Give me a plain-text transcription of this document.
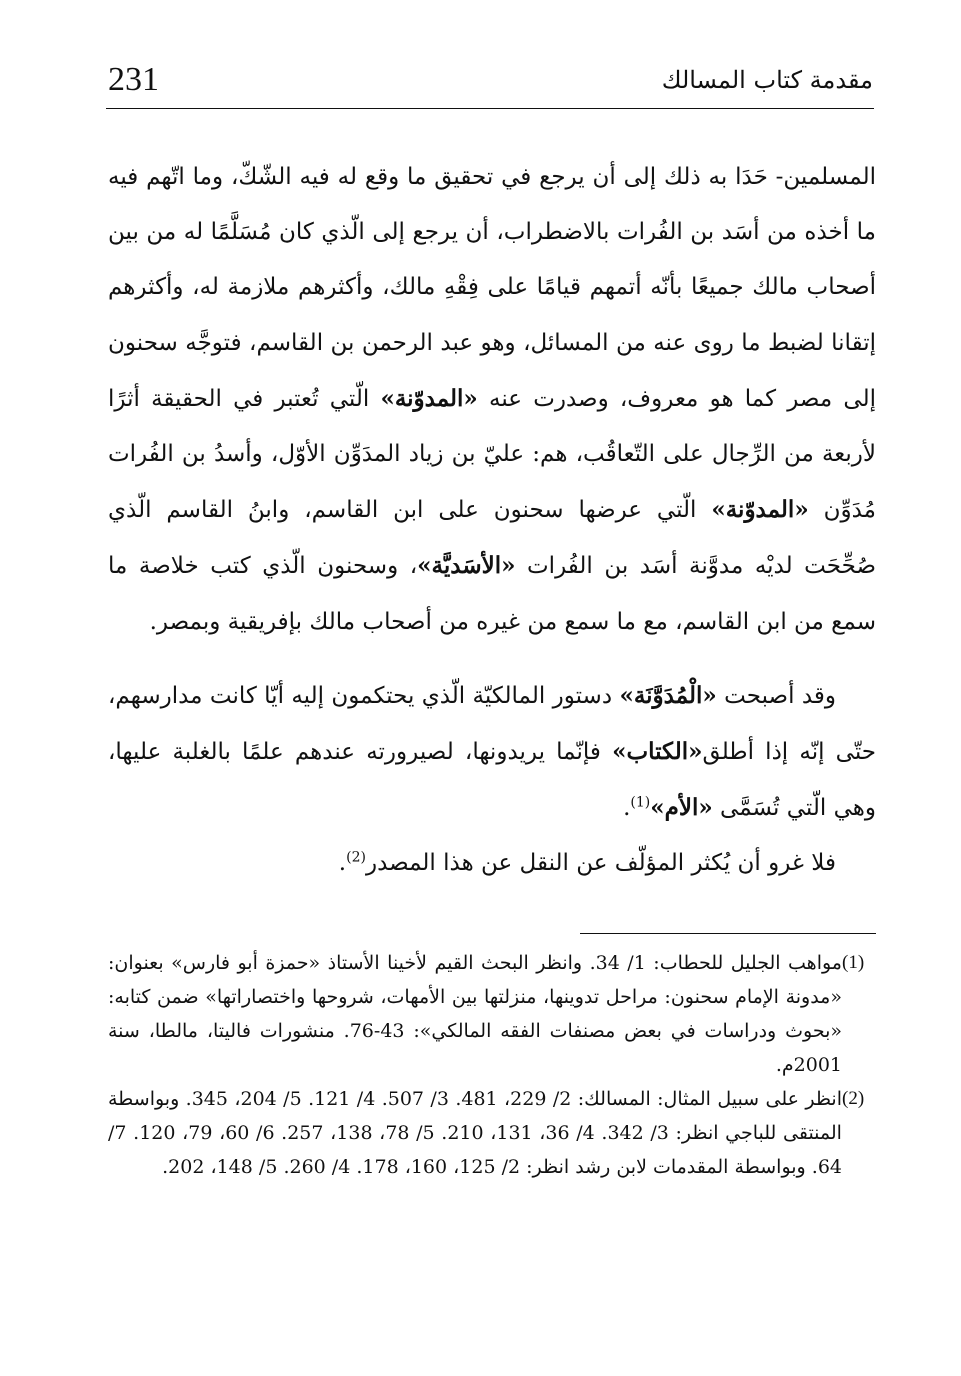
231	مقدمة كتاب المسالك

المسلمين- حَدَا به ذلك إلى أن يرجع في تحقيق ما وقع له فيه الشّكّ، وما اتّهم فيه ما أخذه من أسَد بن الفُرات بالاضطراب، أن يرجع إلى الّذي كان مُسَلَّمًا له من بين أصحاب مالك جميعًا بأنّه أتمهم قيامًا على فِقْهِ مالك، وأكثرهم ملازمة له، وأكثرهم إتقانا لضبط ما روى عنه من المسائل، وهو عبد الرحمن بن القاسم، فتوجَّه سحنون إلى مصر كما هو معروف، وصدرت عنه «المدوّنة» الّتي تُعتبر في الحقيقة أثرًا لأربعة من الرِّجال على التّعاقُب، هم: عليّ بن زياد المدَوِّن الأوّل، وأسدُ بن الفُرات مُدَوِّن «المدوّنة» الّتي عرضها سحنون على ابن القاسم، وابنُ القاسم الّذي صُحِّحَت لديْه مدوَّنة أسَد بن الفُرات «الأسَديَّة»، وسحنون الّذي كتب خلاصة ما سمع من ابن القاسم، مع ما سمع من غيره من أصحاب مالك بإفريقية وبمصر.

وقد أصبحت «الْمُدَوَّنَة» دستور المالكيّة الّذي يحتكمون إليه أيّا كانت مدارسهم، حتّى إنّه إذا أطلق«الكتاب» فإنّما يريدونها، لصيرورته عندهم علمًا بالغلبة عليها، وهي الّتي تُسَمَّى «الأم»$^{(1)}$.

فلا غرو أن يُكثر المؤلّف عن النقل عن هذا المصدر$^{(2)}$.

(1)
مواهب الجليل للحطاب: 1/ 34. وانظر البحث القيم لأخينا الأستاذ «حمزة أبو فارس» بعنوان: «مدونة الإمام سحنون: مراحل تدوينها، منزلتها بين الأمهات، شروحها واختصاراتها» ضمن كتابه: «بحوث ودراسات في بعض مصنفات الفقه المالكي»: 43-76. منشورات فاليتا، مالطا، سنة 2001م.
(2)
انظر على سبيل المثال: المسالك: 2/ 229، 481. 3/ 507. 4/ 121. 5/ 204، 345. وبواسطة المنتقى للباجي انظر: 3/ 342. 4/ 36، 131، 210. 5/ 78، 138، 257. 6/ 60، 79، 120. 7/ 64. وبواسطة المقدمات لابن رشد انظر: 2/ 125، 160، 178. 4/ 260. 5/ 148، 202.
